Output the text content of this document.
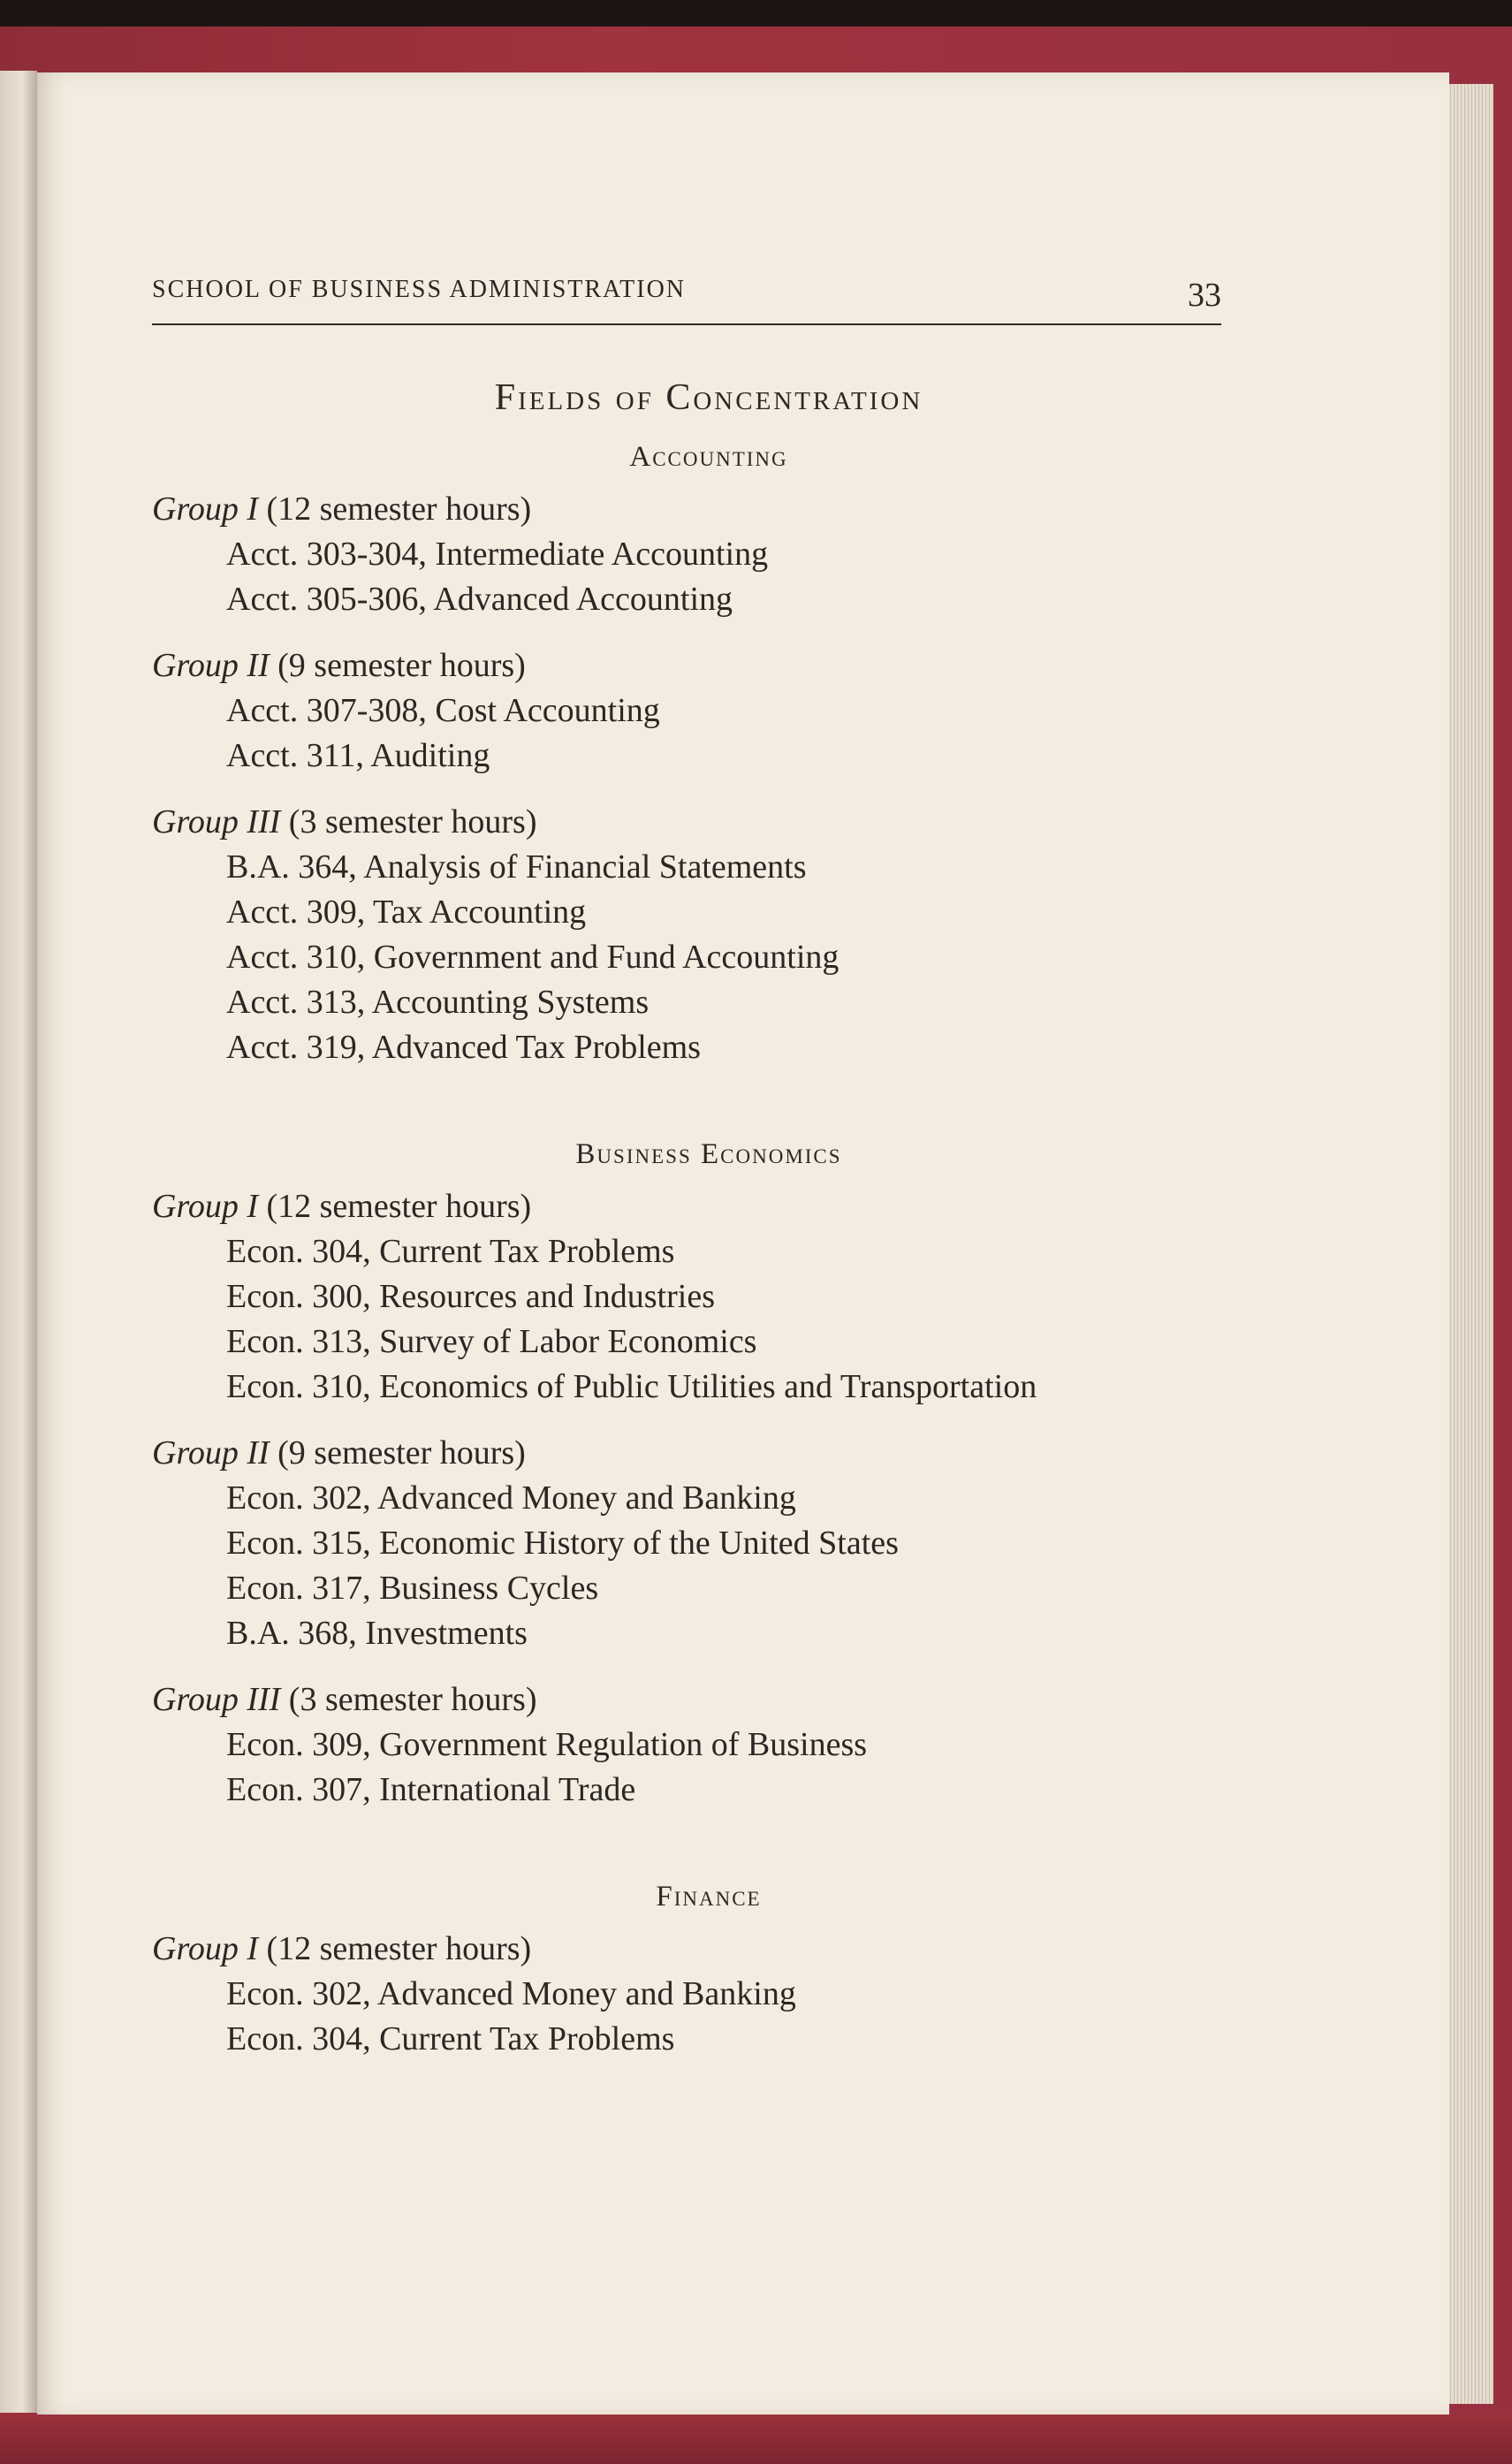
SCHOOL OF BUSINESS ADMINISTRATION	33
Fields of Concentration
Accounting
Group I (12 semester hours)
Acct. 303-304, Intermediate Accounting
Acct. 305-306, Advanced Accounting
Group II (9 semester hours)
Acct. 307-308, Cost Accounting
Acct. 311, Auditing
Group III (3 semester hours)
B.A. 364, Analysis of Financial Statements
Acct. 309, Tax Accounting
Acct. 310, Government and Fund Accounting
Acct. 313, Accounting Systems
Acct. 319, Advanced Tax Problems
Business Economics
Group I (12 semester hours)
Econ. 304, Current Tax Problems
Econ. 300, Resources and Industries
Econ. 313, Survey of Labor Economics
Econ. 310, Economics of Public Utilities and Transportation
Group II (9 semester hours)
Econ. 302, Advanced Money and Banking
Econ. 315, Economic History of the United States
Econ. 317, Business Cycles
B.A. 368, Investments
Group III (3 semester hours)
Econ. 309, Government Regulation of Business
Econ. 307, International Trade
Finance
Group I (12 semester hours)
Econ. 302, Advanced Money and Banking
Econ. 304, Current Tax Problems
